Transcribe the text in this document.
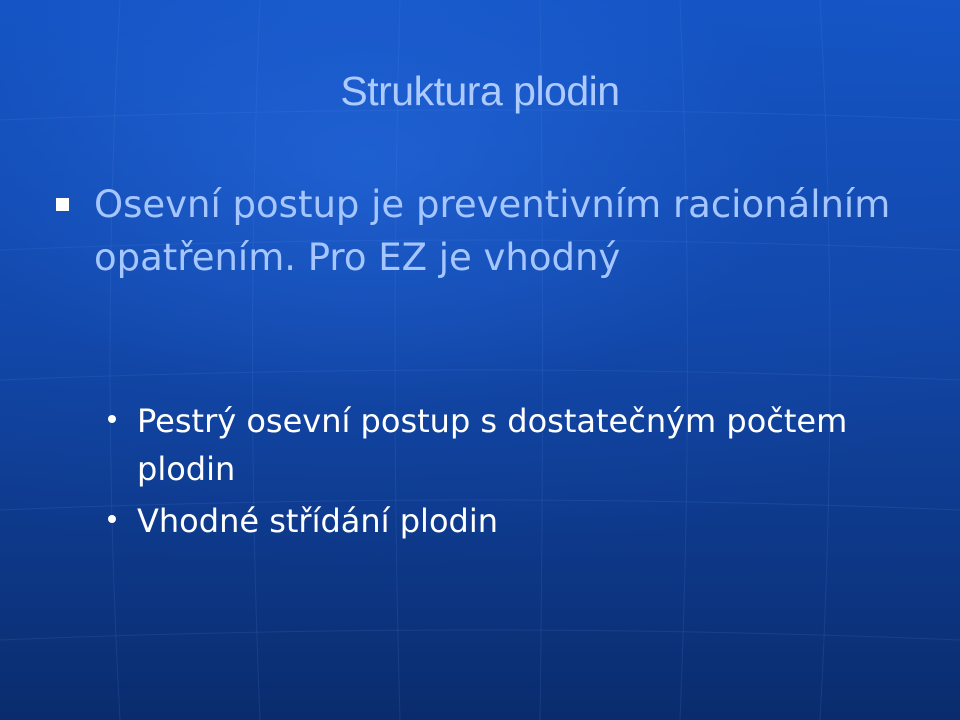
Struktura plodin
Osevní postup je preventivním racionálním opatřením. Pro EZ je vhodný
Pestrý osevní postup s dostatečným počtem plodin
Vhodné střídání plodin
